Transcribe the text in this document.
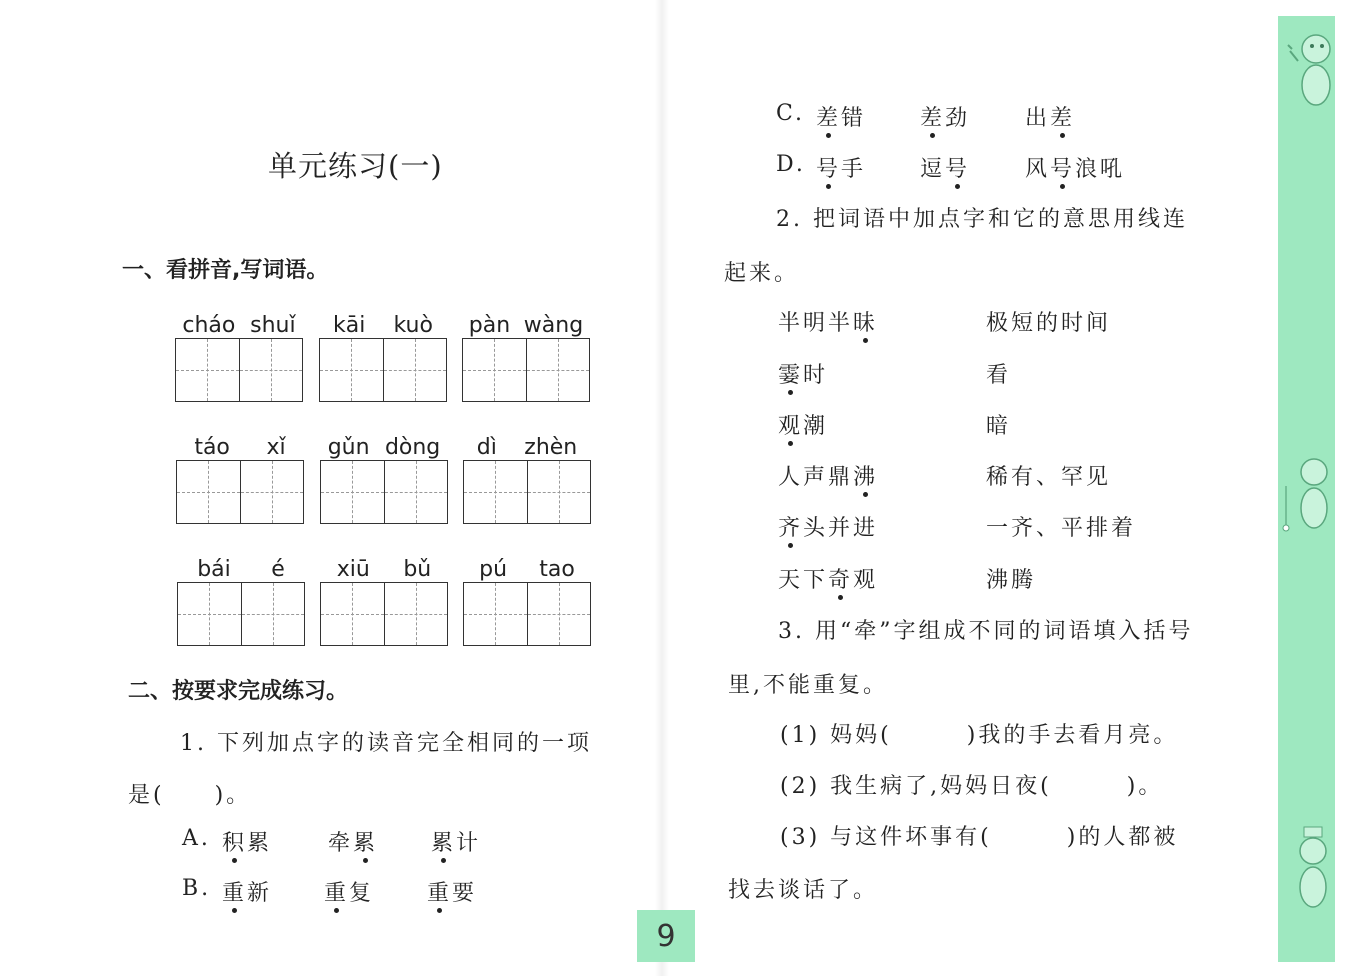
单元练习(一)
一、看拼音,写词语。
cháo shuǐ kāi kuò pàn wàng
táo xǐ gǔn dòng dì zhèn
bái é xiū bǔ pú tao
二、按要求完成练习。
1. 下列加点字的读音完全相同的一项
是(　　)。
A. 积累	牵累 累计
B. 重新 重复 重要
C. 差错 差劲 出差
D. 号手 逗号 风号浪吼
2. 把词语中加点字和它的意思用线连
起来。
半明半昧
霎时
观潮
人声鼎沸
齐头并进
天下奇观
极短的时间
看
暗
稀有、罕见
一齐、平排着
沸腾
3. 用“牵”字组成不同的词语填入括号
里,不能重复。
(1) 妈妈(　　　)我的手去看月亮。
(2) 我生病了,妈妈日夜(　　　)。
(3) 与这件坏事有(　　　)的人都被
找去谈话了。
9
